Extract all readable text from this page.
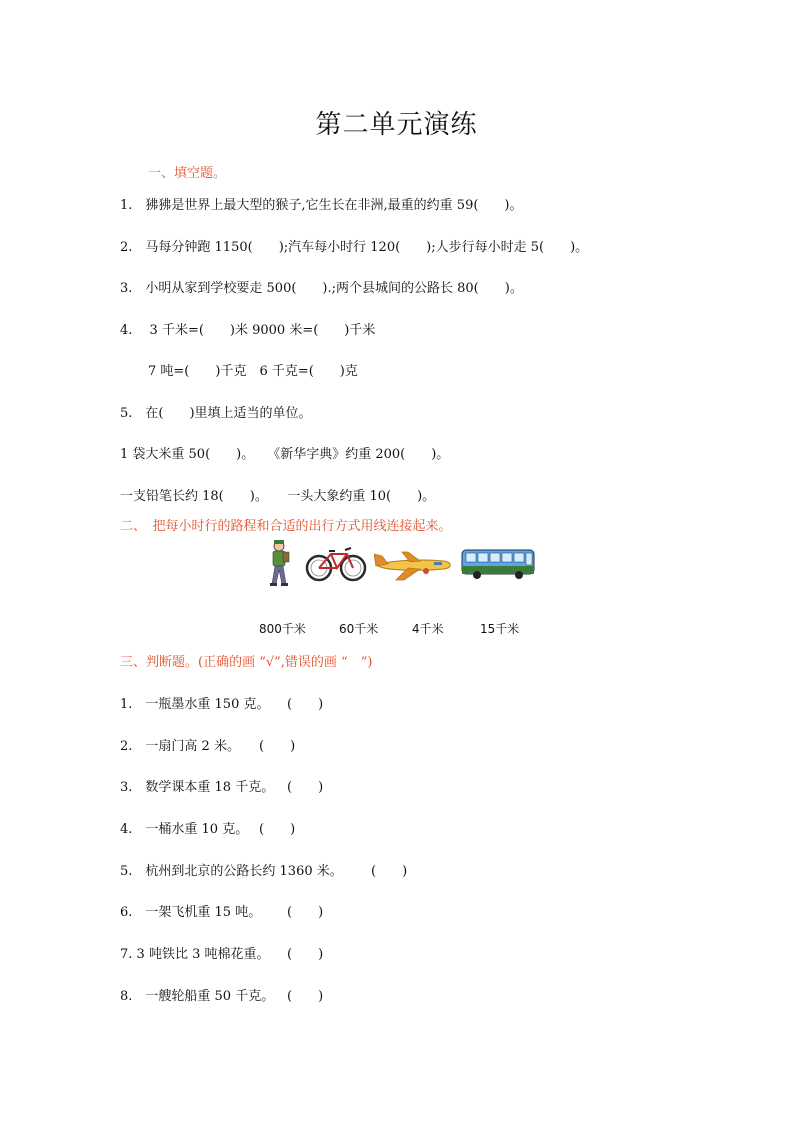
第二单元演练
一、填空题。
1.　狒狒是世界上最大型的猴子,它生长在非洲,最重的约重 59(　　)。
2.　马每分钟跑 1150(　　);汽车每小时行 120(　　);人步行每小时走 5(　　)。
3.　小明从家到学校要走 500(　　).;两个县城间的公路长 80(　　)。
4.　 3 千米=(　　)米 9000 米=(　　)千米
7 吨=(　　)千克　6 千克=(　　)克
5.　在(　　)里填上适当的单位。
1 袋大米重 50(　　)。　　《新华字典》约重 200(　　)。
一支铅笔长约 18(　　)。　　一头大象约重 10(　　)。
二、　把每小时行的路程和合适的出行方式用线连接起来。
800千米	60千米	4千米	15千米
三、判断题。(正确的画 “√”,错误的画 “　”)
1.　一瓶墨水重 150 克。 (　　)
2.　一扇门高 2 米。 (　　)
3.　数学课本重 18 千克。 (　　)
4.　一桶水重 10 克。 (　　)
5.　杭州到北京的公路长约 1360 米。 (　　)
6.　一架飞机重 15 吨。 (　　)
7. 3 吨铁比 3 吨棉花重。 (　　)
8.　一艘轮船重 50 千克。 (　　)
